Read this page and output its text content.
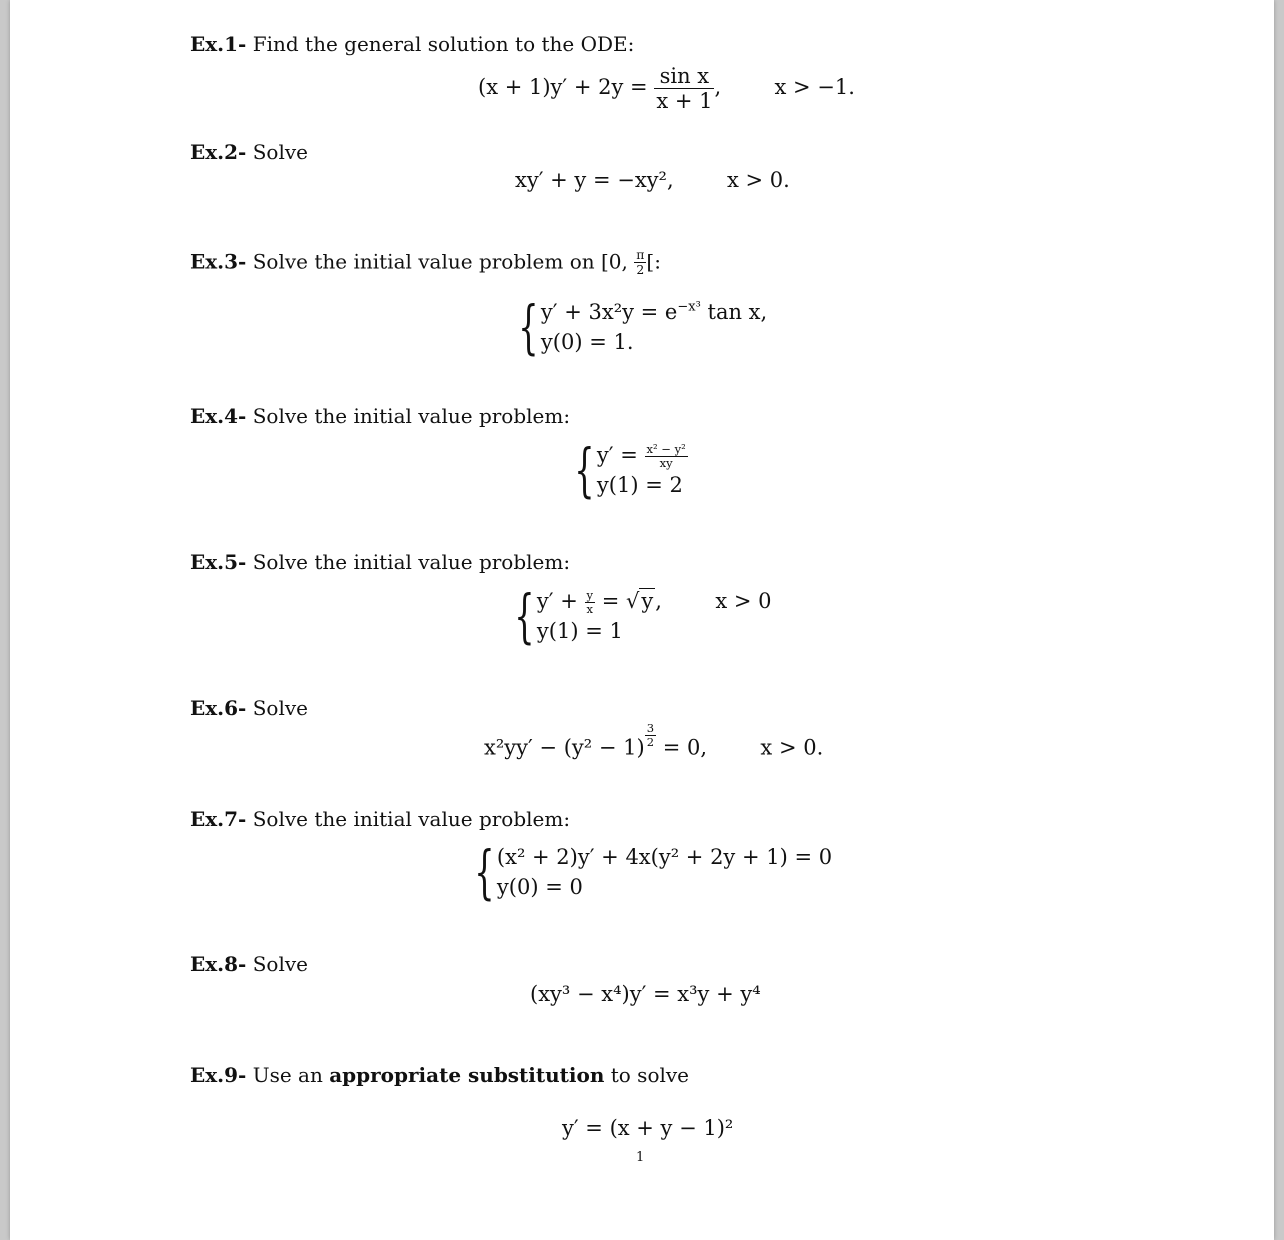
Ex.1- Find the general solution to the ODE:
$(x + 1)y' + 2y = \frac{\text{sin x}}{x + 1}$ ,  x > −1.
Ex.2- Solve
xy′ + y = −xy²,	x > 0.
Ex.3- Solve the initial value problem on [0, $\frac{\pi}{2}$ [:
{ $y' + 3x^2y = e^{-x^3}$ tan x,
y(0) = 1.
Ex.4- Solve the initial value problem:
{ $y' = \frac{\text{x² − y²}}{xy}$
y(1) = 2
Ex.5- Solve the initial value problem:
{ $y' + \frac{y}{x} = √y$,	x > 0
y(1) = 1
Ex.6- Solve
$x^2yy' - (y^2 - 1) \frac{3}{2} = 0$,	x > 0.
Ex.7- Solve the initial value problem:
{ (x² + 2)y′ + 4x(y² + 2y + 1) = 0
y(0) = 0
Ex.8- Solve
(xy³ − x⁴)y′ = x³y + y⁴
Ex.9- Use an appropriate substitution to solve
y′ = (x + y − 1)²
1
